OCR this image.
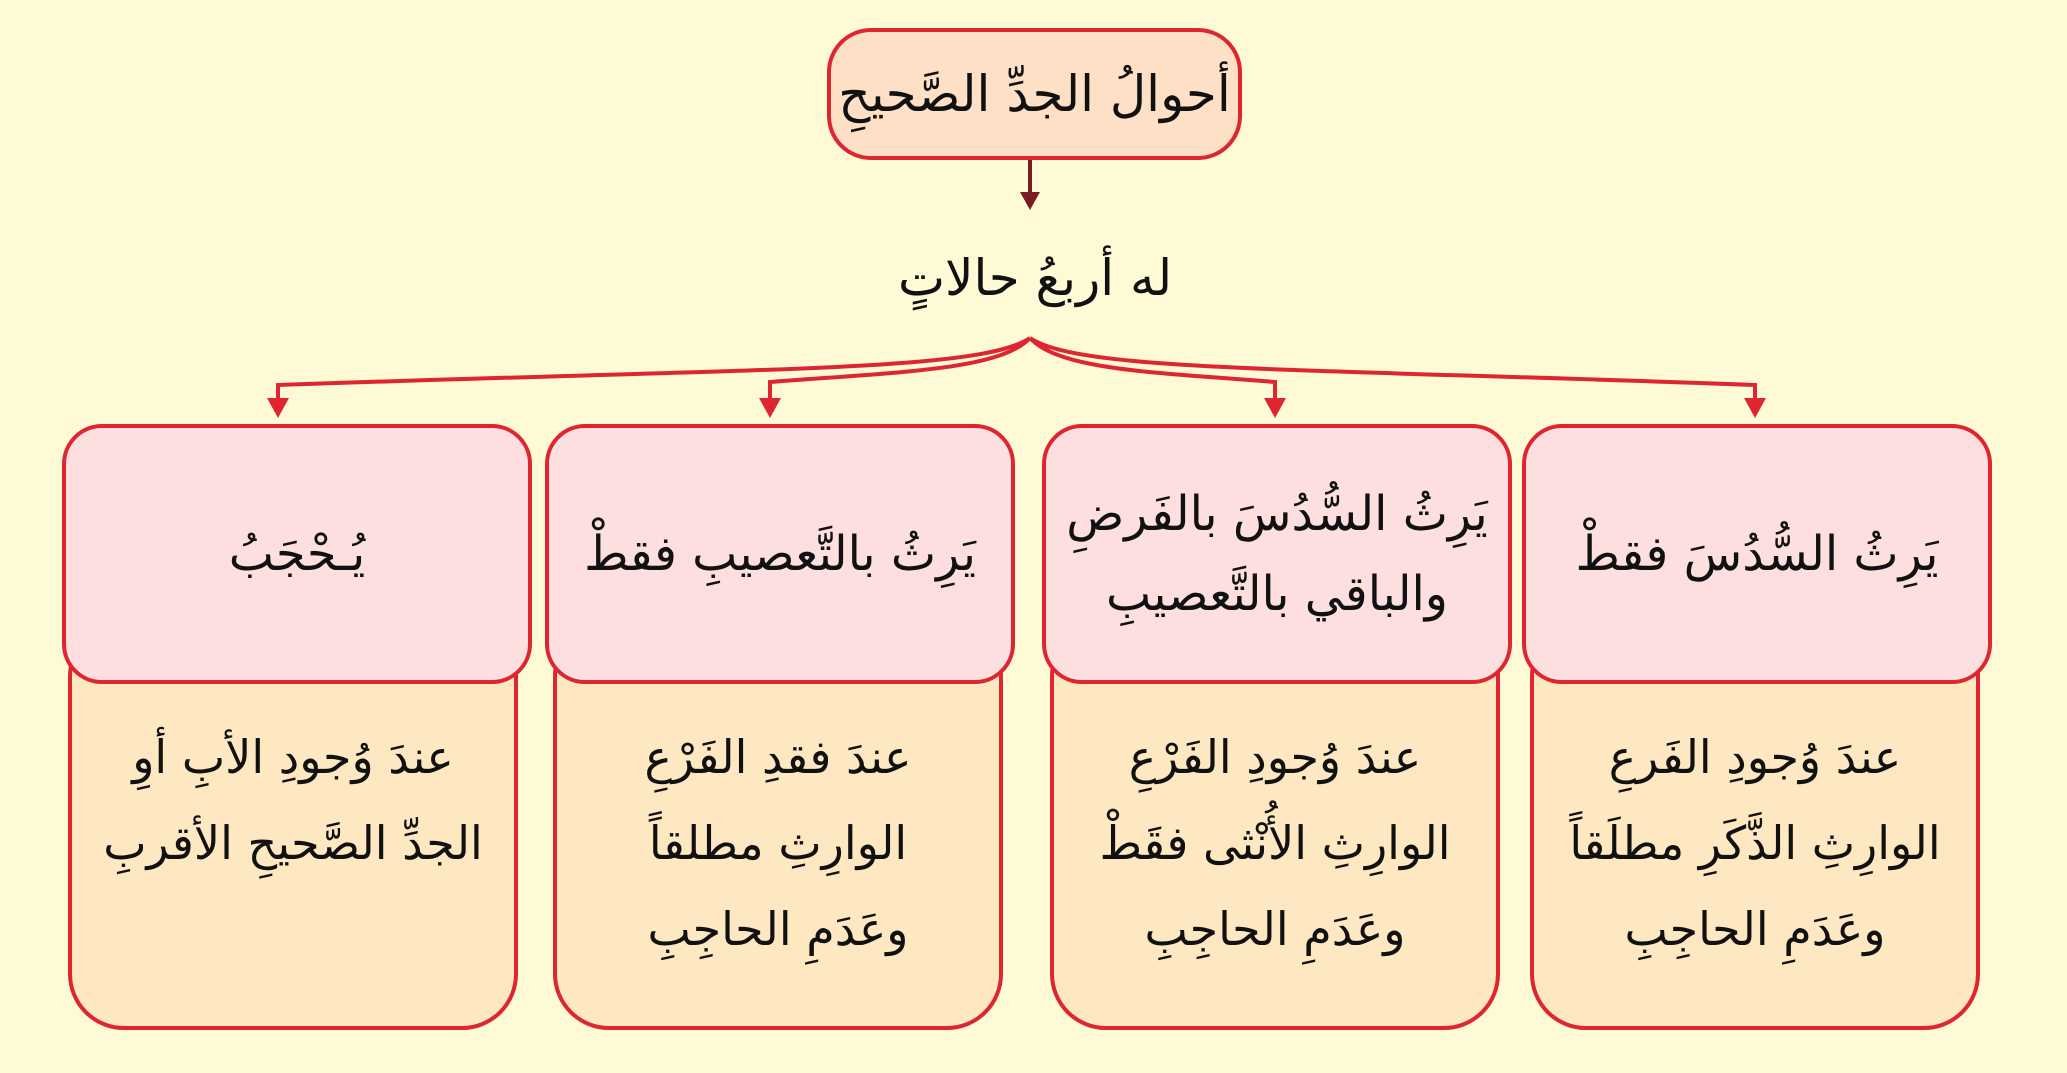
أحوالُ الجدِّ الصَّحيحِ
له أربعُ حالاتٍ
عندَ وُجودِ الفَرعِ
الوارِثِ الذَّكَرِ مطلَقاً
وعَدَمِ الحاجِبِ
يَرِثُ السُّدُسَ فقطْ
عندَ وُجودِ الفَرْعِ
الوارِثِ الأُنْثى فقَطْ
وعَدَمِ الحاجِبِ
يَرِثُ السُّدُسَ بالفَرضِ
والباقي بالتَّعصيبِ
عندَ فقدِ الفَرْعِ
الوارِثِ مطلقاً
وعَدَمِ الحاجِبِ
يَرِثُ بالتَّعصيبِ فقطْ
عندَ وُجودِ الأبِ أوِ
الجدِّ الصَّحيحِ الأقربِ
يُـحْجَبُ
